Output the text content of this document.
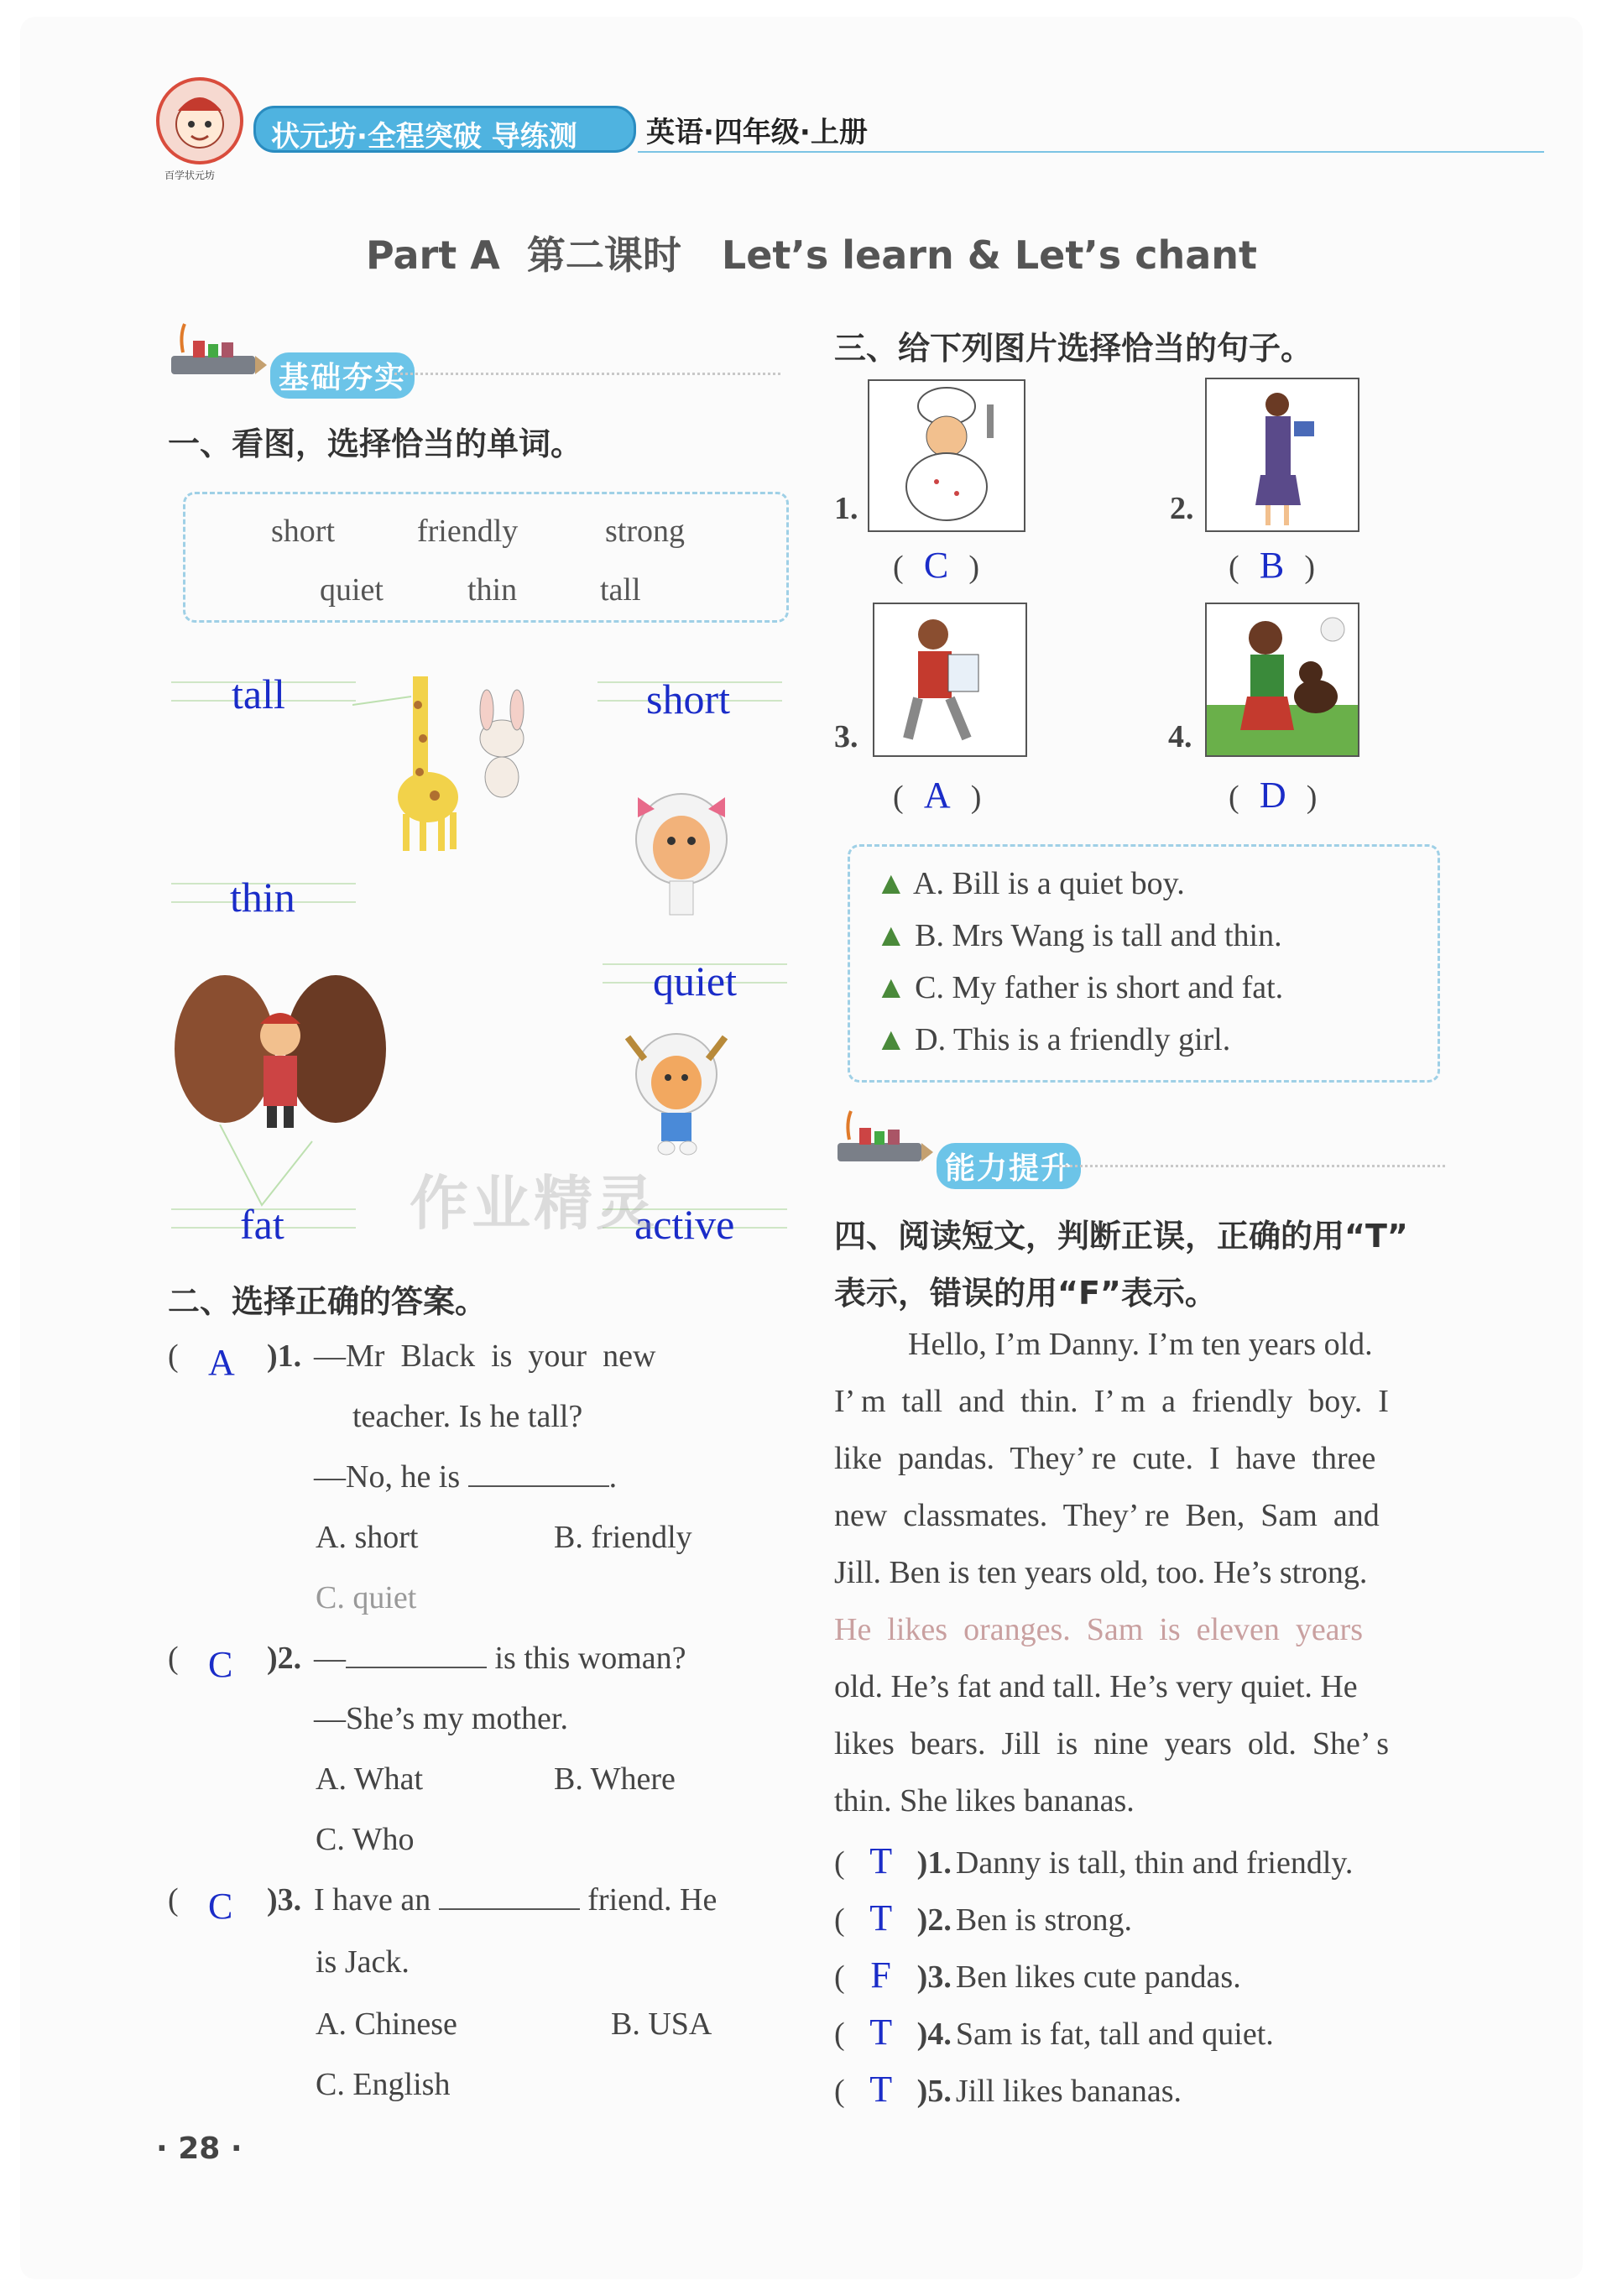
百学状元坊
状元坊·全程突破 导练测 英语·四年级·上册
Part A  第二课时   Let’s learn & Let’s chant
基础夯实
一、看图，选择恰当的单词。
short	friendly	strong
quiet	thin	tall
tall	short
thin
quiet
fat	active
作业精灵
二、选择正确的答案。
( A )1. —Mr  Black  is  your  new
teacher. Is he tall?
—No, he is	.
A. short	B. friendly
C. quiet
( C )2. —	is this woman?
—She’s my mother.
A. What	B. Where
C. Who
( C )3. I have an	friend. He
is Jack.
A. Chinese	B. USA
C. English
· 28 ·
三、给下列图片选择恰当的句子。
1.
( C )
2.
( B )
3.
( A )
4.
( D )
▲ A. Bill is a quiet boy.
▲ B. Mrs Wang is tall and thin.
▲ C. My father is short and fat.
▲ D. This is a friendly girl.
能力提升
四、阅读短文，判断正误，正确的用“T”
表示，错误的用“F”表示。
Hello, I’m Danny. I’m ten years old.
I’ m  tall  and  thin.  I’ m  a  friendly  boy.  I
like  pandas.  They’ re  cute.  I  have  three
new  classmates.  They’ re  Ben,  Sam  and
Jill. Ben is ten years old, too. He’s strong.
He  likes  oranges.  Sam  is  eleven  years
old. He’s fat and tall. He’s very quiet. He
likes  bears.  Jill  is  nine  years  old.  She’ s
thin. She likes bananas.
( T )1. Danny is tall, thin and friendly.
( T )2. Ben is strong.
( F )3. Ben likes cute pandas.
( T )4. Sam is fat, tall and quiet.
( T )5. Jill likes bananas.
